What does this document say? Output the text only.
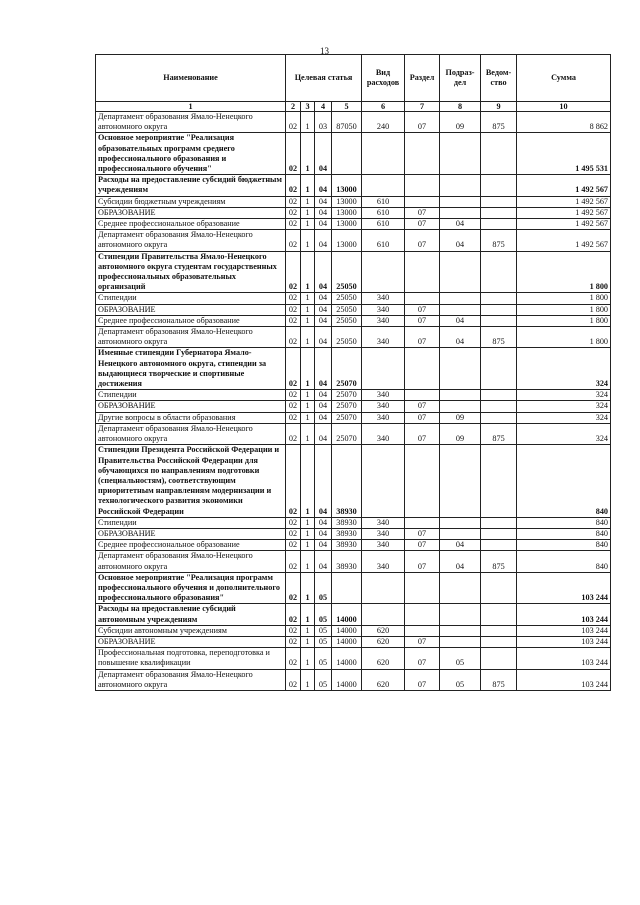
13
Наименование	Целевая статья				Вид расходов	Раздел	Подраз-дел	Ведом-ство	Сумма
1	2	3	4	5	6	7	8	9	10
Департамент образования Ямало-Ненецкого автономного округа	02	1	03	87050	240	07	09	875	8 862
Основное мероприятие "Реализация образовательных программ среднего профессионального образования и профессионального обучения"	02	1	04						1 495 531
Расходы на предоставление субсидий бюджетным учреждениям	02	1	04	13000					1 492 567
Субсидии бюджетным учреждениям	02	1	04	13000	610				1 492 567
ОБРАЗОВАНИЕ	02	1	04	13000	610	07			1 492 567
Среднее профессиональное образование	02	1	04	13000	610	07	04		1 492 567
Департамент образования Ямало-Ненецкого автономного округа	02	1	04	13000	610	07	04	875	1 492 567
Стипендии Правительства Ямало-Ненецкого автономного округа студентам государственных профессиональных образовательных организаций	02	1	04	25050					1 800
Стипендии	02	1	04	25050	340				1 800
ОБРАЗОВАНИЕ	02	1	04	25050	340	07			1 800
Среднее профессиональное образование	02	1	04	25050	340	07	04		1 800
Департамент образования Ямало-Ненецкого автономного округа	02	1	04	25050	340	07	04	875	1 800
Именные стипендии Губернатора Ямало-Ненецкого автономного округа, стипендии за выдающиеся творческие и спортивные достижения	02	1	04	25070					324
Стипендии	02	1	04	25070	340				324
ОБРАЗОВАНИЕ	02	1	04	25070	340	07			324
Другие вопросы в области образования	02	1	04	25070	340	07	09		324
Департамент образования Ямало-Ненецкого автономного округа	02	1	04	25070	340	07	09	875	324
Стипендии Президента Российской Федерации и Правительства Российской Федерации для обучающихся по направлениям подготовки (специальностям), соответствующим приоритетным направлениям модернизации и технологического развития экономики Российской Федерации	02	1	04	38930					840
Стипендии	02	1	04	38930	340				840
ОБРАЗОВАНИЕ	02	1	04	38930	340	07			840
Среднее профессиональное образование	02	1	04	38930	340	07	04		840
Департамент образования Ямало-Ненецкого автономного округа	02	1	04	38930	340	07	04	875	840
Основное мероприятие "Реализация программ профессионального обучения и дополнительного профессионального образования"	02	1	05						103 244
Расходы на предоставление субсидий автономным учреждениям	02	1	05	14000					103 244
Субсидии автономным учреждениям	02	1	05	14000	620				103 244
ОБРАЗОВАНИЕ	02	1	05	14000	620	07			103 244
Профессиональная подготовка, переподготовка и повышение квалификации	02	1	05	14000	620	07	05		103 244
Департамент образования Ямало-Ненецкого автономного округа	02	1	05	14000	620	07	05	875	103 244
